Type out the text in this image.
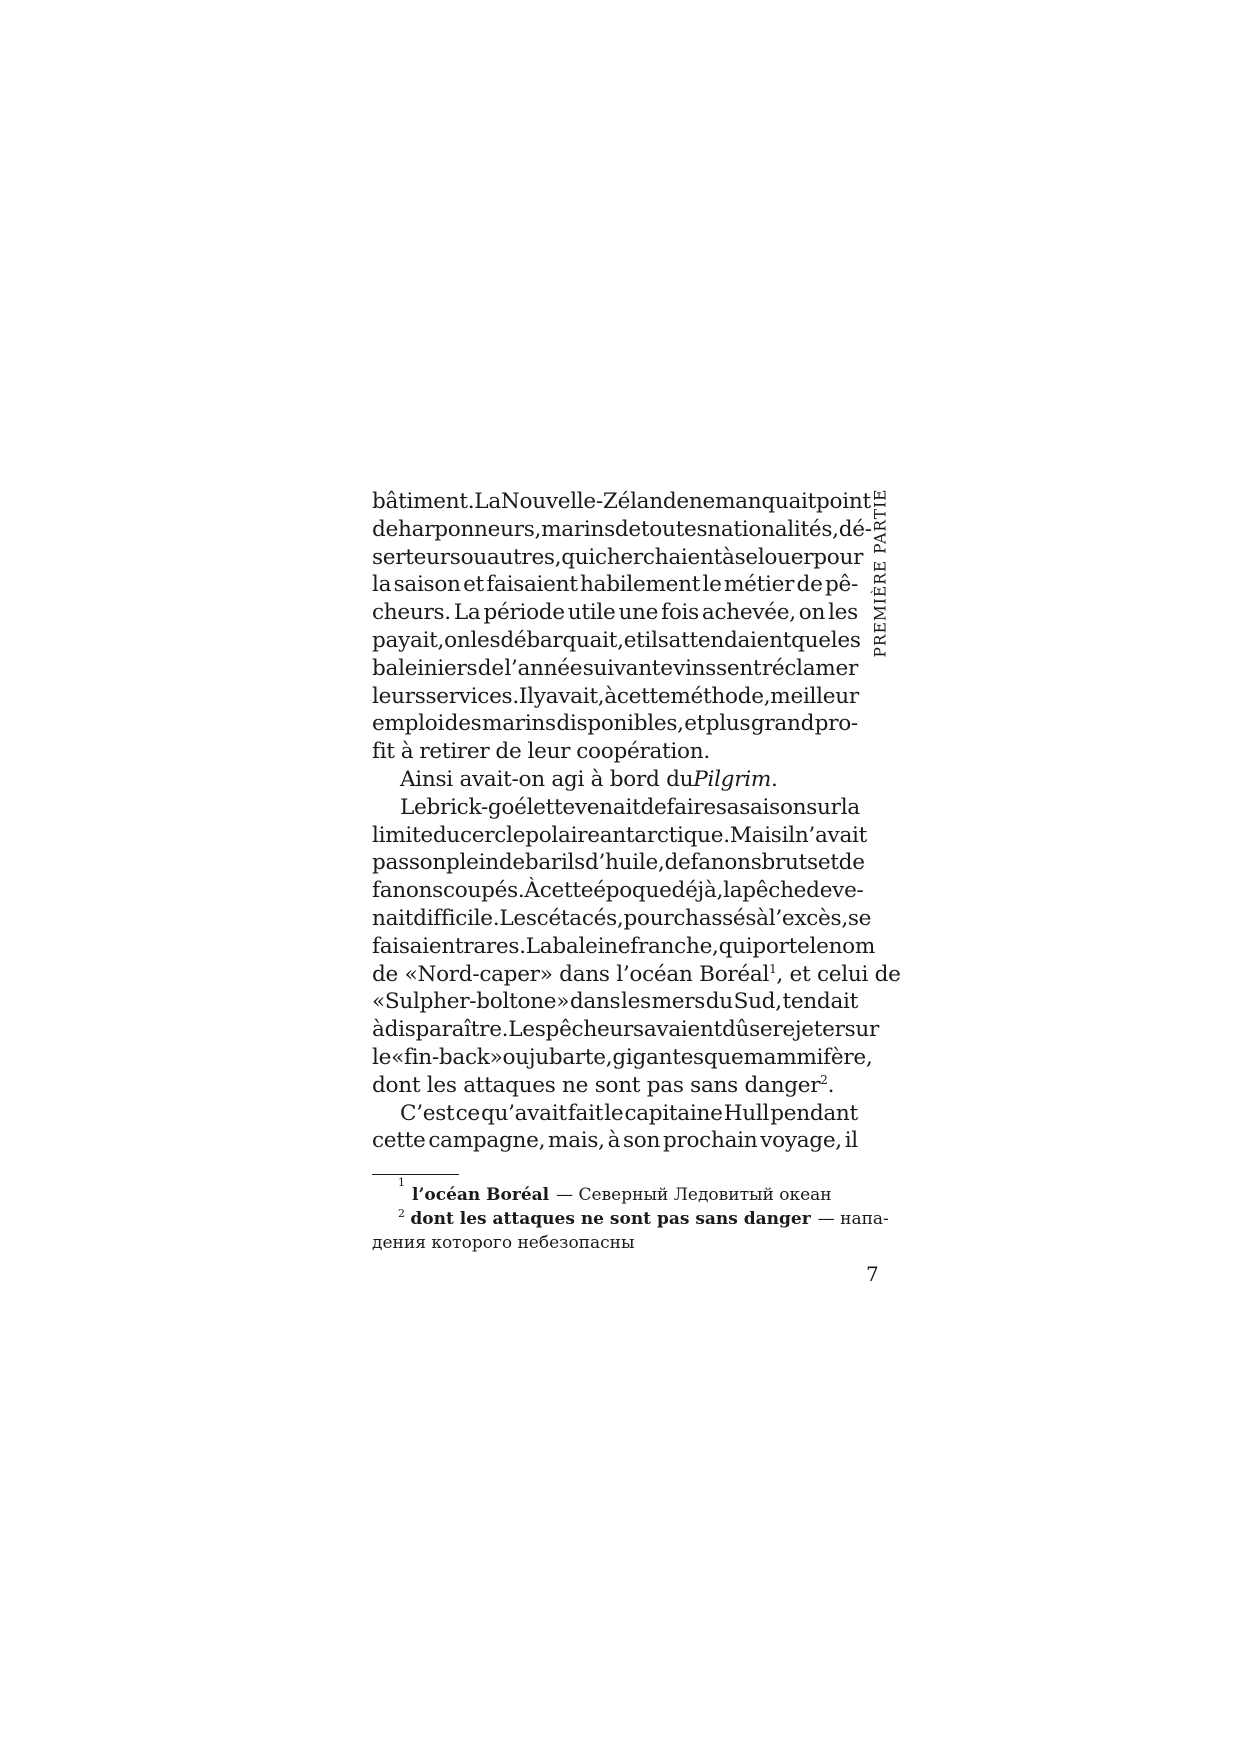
PREMIÈRE PARTIE
bâtiment. La Nouvelle-Zélande ne manquait point
de harponneurs, marins de toutes nationalités, dé-
serteurs ou autres, qui cherchaient à se louer pour
la saison et faisaient habilement le métier de pê-
cheurs. La période utile une fois achevée, on les
payait, on les débarquait, et ils attendaient que les
baleiniers de l’année suivante vinssent réclamer
leurs services. Il y avait, à cette méthode, meilleur
emploi des marins disponibles, et plus grand pro-
fit à retirer de leur coopération.
Ainsi avait-on agi à bord duPilgrim.
Le brick-goélette venait de faire sa saison sur la
limite du cercle polaire antarctique. Mais il n’avait
pas son plein de barils d’huile, de fanons bruts et de
fanons coupés. À cette époque déjà, la pêche deve-
nait difficile. Les cétacés, pourchassés à l’excès, se
faisaient rares. La baleine franche, qui porte le nom
de «Nord-caper» dans l’océan Boréal$^1$, et celui de
«Sulpher-boltone» dans les mers du Sud, tendait
à disparaître. Les pêcheurs avaient dû se rejeter sur
le «fin-back» ou jubarte, gigantesque mammifère,
dont les attaques ne sont pas sans danger$^2$.
C’est ce qu’avait fait le capitaine Hull pendant
cette campagne, mais, à son prochain voyage, il
1
l’océan Boréal — Северный Ледовитый океан
$^2$ dont les attaques ne sont pas sans danger — напа-
дения которого небезопасны
7
